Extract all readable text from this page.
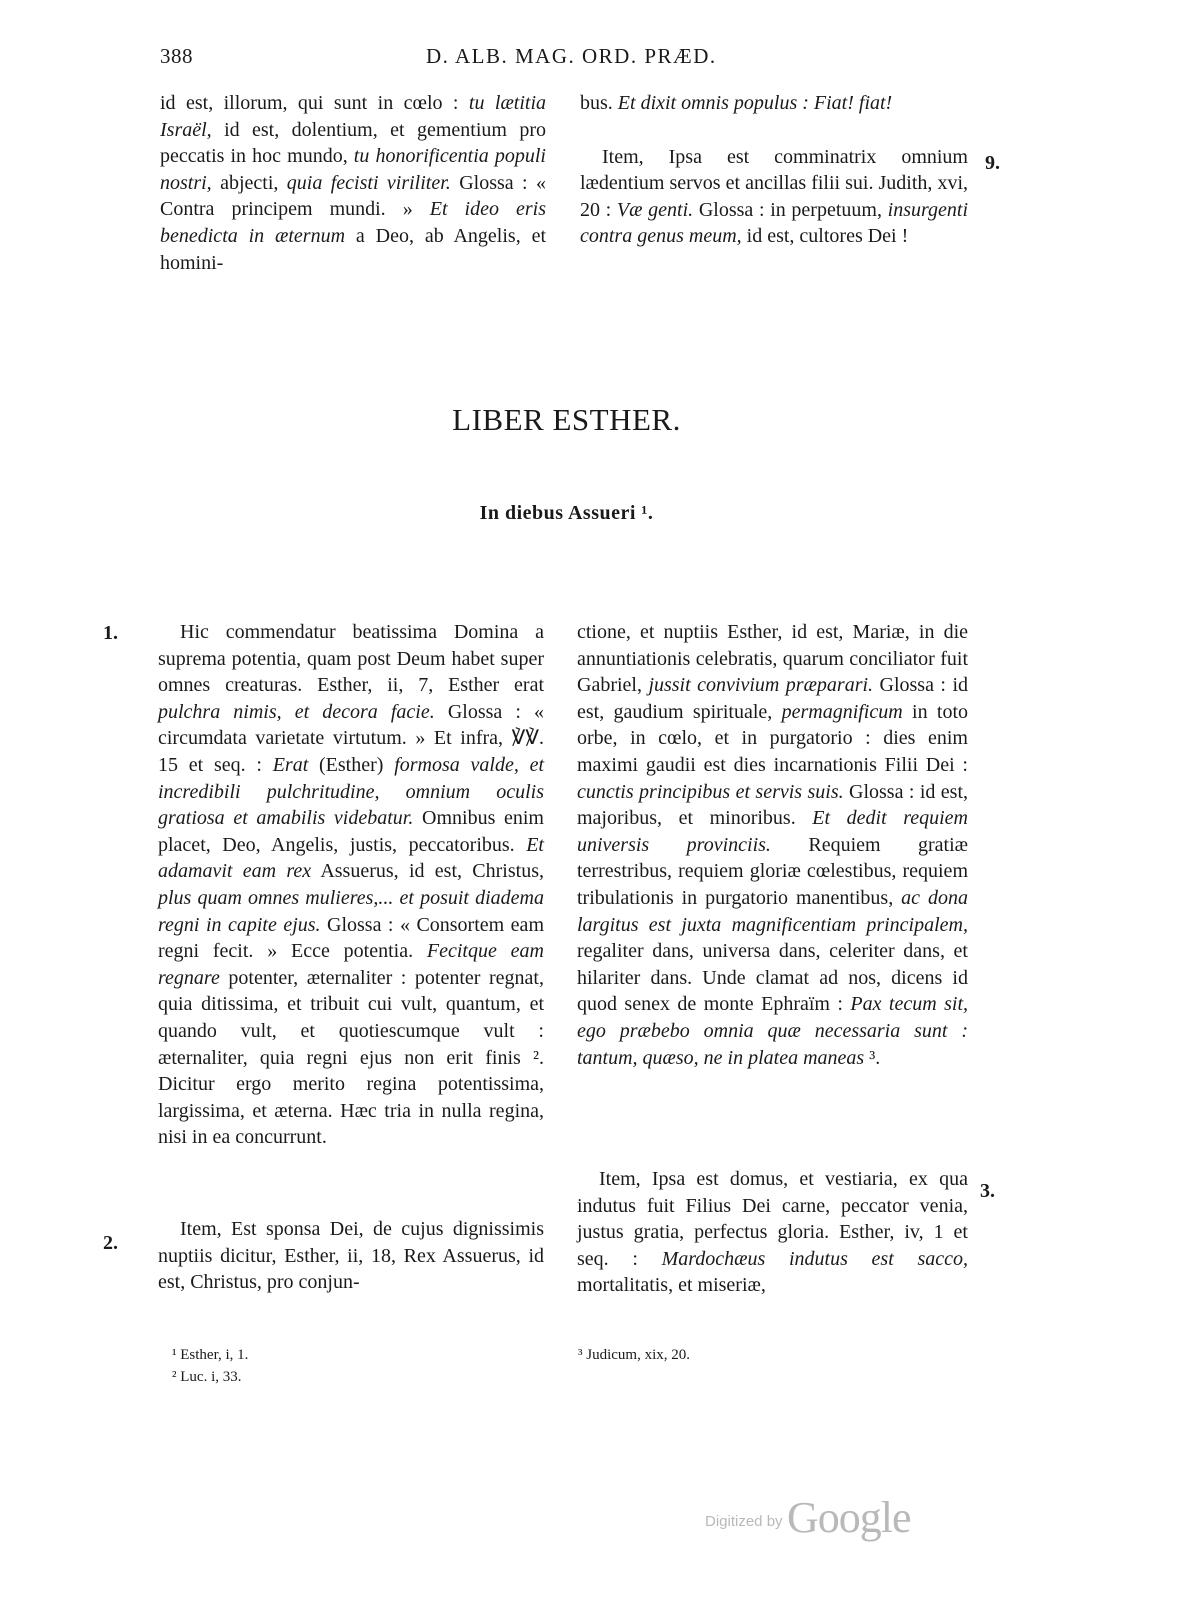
388	D. ALB. MAG. ORD. PRÆD.

id est, illorum, qui sunt in cœlo : tu lætitia Israël, id est, dolentium, et gementium pro peccatis in hoc mundo, tu honorificentia populi nostri, abjecti, quia fecisti viriliter. Glossa : « Contra principem mundi. » Et ideo eris benedicta in æternum a Deo, ab Angelis, et homini-

bus. Et dixit omnis populus : Fiat! fiat!

Item, Ipsa est comminatrix omnium lædentium servos et ancillas filii sui. Judith, xvi, 20 : Væ genti. Glossa : in perpetuum, insurgenti contra genus meum, id est, cultores Dei !

9.
LIBER ESTHER.
In diebus Assueri ¹.
1.	Hic commendatur beatissima Domina a suprema potentia, quam post Deum habet super omnes creaturas. Esther, ii, 7, Esther erat pulchra nimis, et decora facie. Glossa : « circumdata varietate virtutum. » Et infra, ℣℣. 15 et seq. : Erat (Esther) formosa valde, et incredibili pulchritudine, omnium oculis gratiosa et amabilis videbatur. Omnibus enim placet, Deo, Angelis, justis, peccatoribus. Et adamavit eam rex Assuerus, id est, Christus, plus quam omnes mulieres,... et posuit diadema regni in capite ejus. Glossa : « Consortem eam regni fecit. » Ecce potentia. Fecitque eam regnare potenter, æternaliter : potenter regnat, quia ditissima, et tribuit cui vult, quantum, et quando vult, et quotiescumque vult : æternaliter, quia regni ejus non erit finis ². Dicitur ergo merito regina potentissima, largissima, et æterna. Hæc tria in nulla regina, nisi in ea concurrunt.

2.

Item, Est sponsa Dei, de cujus dignissimis nuptiis dicitur, Esther, ii, 18, Rex Assuerus, id est, Christus, pro conjun-

ctione, et nuptiis Esther, id est, Mariæ, in die annuntiationis celebratis, quarum conciliator fuit Gabriel, jussit convivium præparari. Glossa : id est, gaudium spirituale, permagnificum in toto orbe, in cœlo, et in purgatorio : dies enim maximi gaudii est dies incarnationis Filii Dei : cunctis principibus et servis suis. Glossa : id est, majoribus, et minoribus. Et dedit requiem universis provinciis. Requiem gratiæ terrestribus, requiem gloriæ cœlestibus, requiem tribulationis in purgatorio manentibus, ac dona largitus est juxta magnificentiam principalem, regaliter dans, universa dans, celeriter dans, et hilariter dans. Unde clamat ad nos, dicens id quod senex de monte Ephraïm : Pax tecum sit, ego præbebo omnia quæ necessaria sunt : tantum, quæso, ne in platea maneas ³.

3.

Item, Ipsa est domus, et vestiaria, ex qua indutus fuit Filius Dei carne, peccator venia, justus gratia, perfectus gloria. Esther, iv, 1 et seq. : Mardochæus indutus est sacco, mortalitatis, et miseriæ,

¹ Esther, i, 1.
² Luc. i, 33.
³ Judicum, xix, 20.
Digitized by Google
